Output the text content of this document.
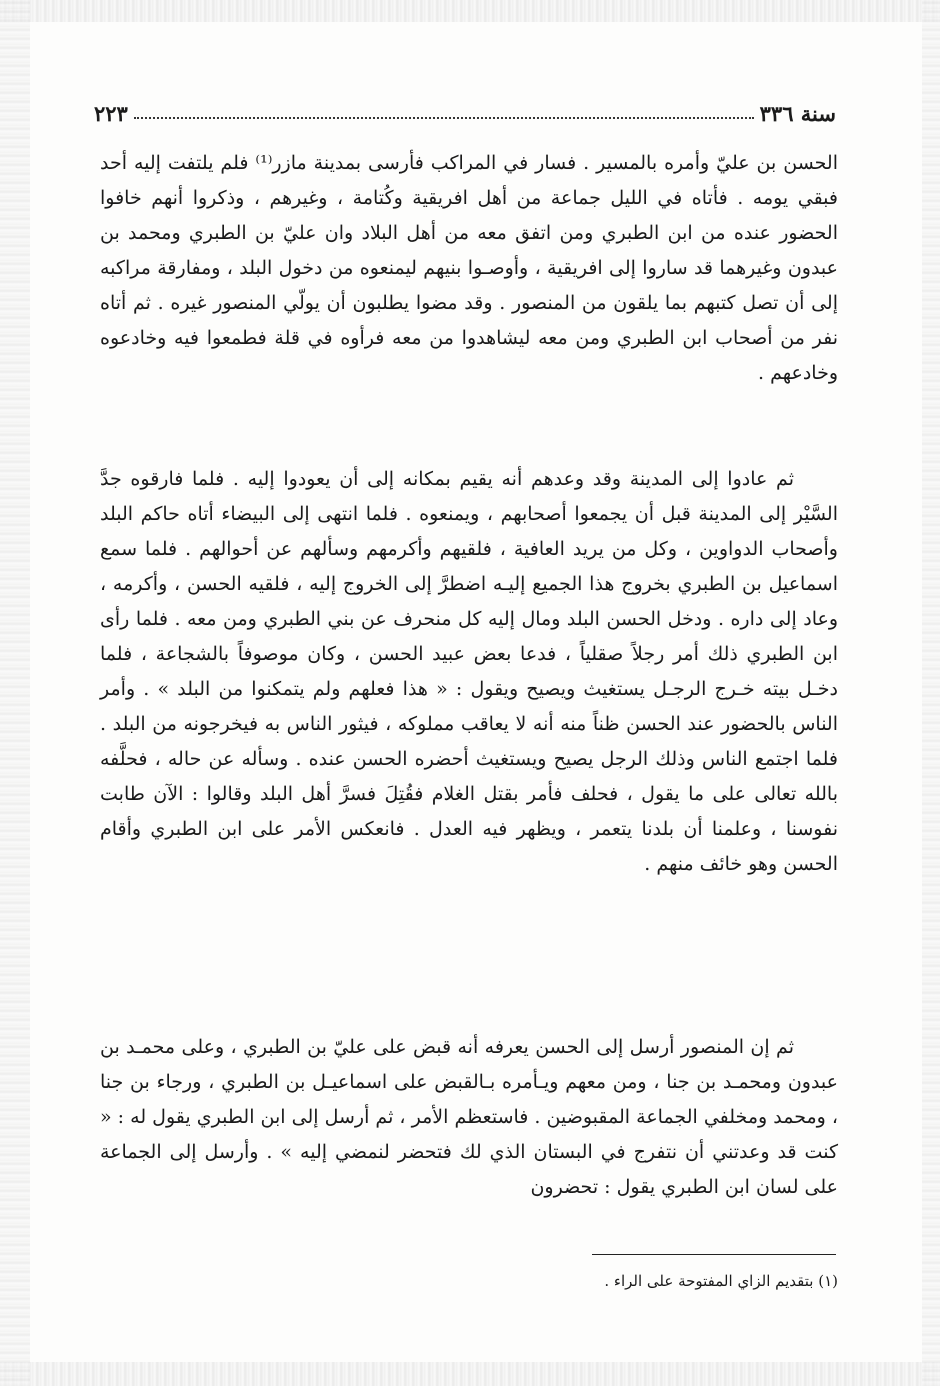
سنة ٣٣٦
٢٢٣

الحسن بن عليّ وأمره بالمسير . فسار في المراكب فأرسى بمدينة مازر⁽¹⁾ فلم يلتفت إليه أحد فبقي يومه . فأتاه في الليل جماعة من أهل افريقية وكُتامة ، وغيرهم ، وذكروا أنهم خافوا الحضور عنده من ابن الطبري ومن اتفق معه من أهل البلاد وان عليّ بن الطبري ومحمد بن عبدون وغيرهما قد ساروا إلى افريقية ، وأوصـوا بنيهم ليمنعوه من دخول البلد ، ومفارقة مراكبه إلى أن تصل كتبهم بما يلقون من المنصور . وقد مضوا يطلبون أن يولّي المنصور غيره . ثم أتاه نفر من أصحاب ابن الطبري ومن معه ليشاهدوا من معه فرأوه في قلة فطمعوا فيه وخادعوه وخادعهم .

ثم عادوا إلى المدينة وقد وعدهم أنه يقيم بمكانه إلى أن يعودوا إليه . فلما فارقوه جدَّ السَّيْر إلى المدينة قبل أن يجمعوا أصحابهم ، ويمنعوه . فلما انتهى إلى البيضاء أتاه حاكم البلد وأصحاب الدواوين ، وكل من يريد العافية ، فلقيهم وأكرمهم وسألهم عن أحوالهم . فلما سمع اسماعيل بن الطبري بخروج هذا الجميع إليـه اضطرَّ إلى الخروج إليه ، فلقيه الحسن ، وأكرمه ، وعاد إلى داره . ودخل الحسن البلد ومال إليه كل منحرف عن بني الطبري ومن معه . فلما رأى ابن الطبري ذلك أمر رجلاً صقلياً ، فدعا بعض عبيد الحسن ، وكان موصوفاً بالشجاعة ، فلما دخـل بيته خـرج الرجـل يستغيث ويصيح ويقول : « هذا فعلهم ولم يتمكنوا من البلد » . وأمر الناس بالحضور عند الحسن ظناً منه أنه لا يعاقب مملوكه ، فيثور الناس به فيخرجونه من البلد . فلما اجتمع الناس وذلك الرجل يصيح ويستغيث أحضره الحسن عنده . وسأله عن حاله ، فحلَّفه بالله تعالى على ما يقول ، فحلف فأمر بقتل الغلام فقُتِلَ فسرَّ أهل البلد وقالوا : الآن طابت نفوسنا ، وعلمنا أن بلدنا يتعمر ، ويظهر فيه العدل . فانعكس الأمر على ابن الطبري وأقام الحسن وهو خائف منهم .

ثم إن المنصور أرسل إلى الحسن يعرفه أنه قبض على عليّ بن الطبري ، وعلى محمـد بن عبدون ومحمـد بن جنا ، ومن معهم ويـأمره بـالقبض على اسماعيـل بن الطبري ، ورجاء بن جنا ، ومحمد ومخلفي الجماعة المقبوضين . فاستعظم الأمر ، ثم أرسل إلى ابن الطبري يقول له : « كنت قد وعدتني أن نتفرج في البستان الذي لك فتحضر لنمضي إليه » . وأرسل إلى الجماعة على لسان ابن الطبري يقول : تحضرون

(١) بتقديم الزاي المفتوحة على الراء .
